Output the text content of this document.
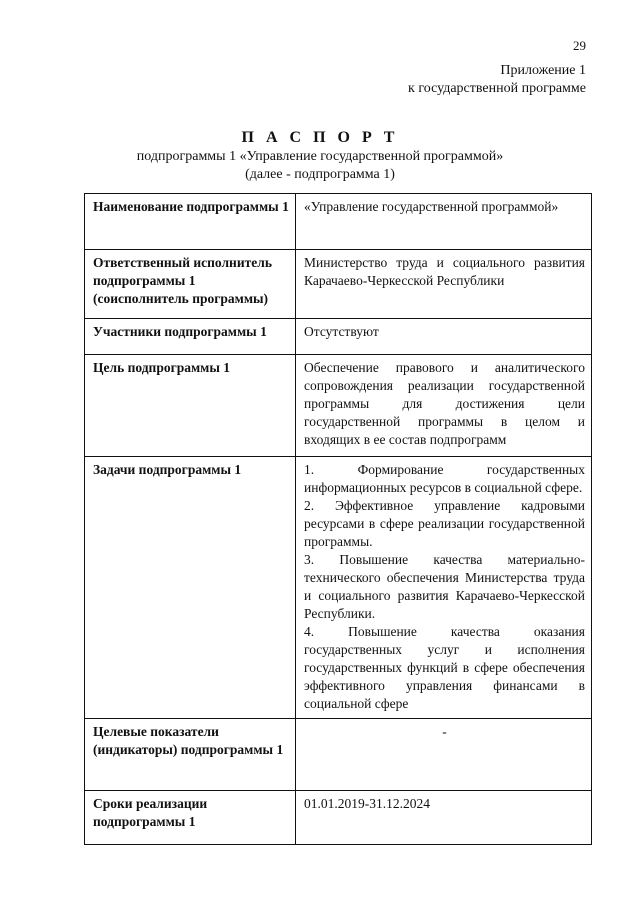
29
Приложение 1
к государственной программе
П А С П О Р Т
подпрограммы 1 «Управление государственной программой»
(далее - подпрограмма 1)
Наименование подпрограммы 1	«Управление государственной программой»
Ответственный исполнитель подпрограммы 1 (соисполнитель программы)	Министерство труда и социального развития Карачаево-Черкесской Республики
Участники подпрограммы 1	Отсутствуют
Цель подпрограммы 1	Обеспечение правового и аналитического сопровождения реализации государственной программы для достижения цели государственной программы в целом и входящих в ее состав подпрограмм
Задачи подпрограммы 1	1. Формирование государственных информационных ресурсов в социальной сфере.
2. Эффективное управление кадровыми ресурсами в сфере реализации государственной программы.
3. Повышение качества материально-технического обеспечения Министерства труда и социального развития Карачаево-Черкесской Республики.
4. Повышение качества оказания государственных услуг и исполнения государственных функций в сфере обеспечения эффективного управления финансами в социальной сфере

Целевые показатели (индикаторы) подпрограммы 1	-
Сроки реализации подпрограммы 1	01.01.2019-31.12.2024
